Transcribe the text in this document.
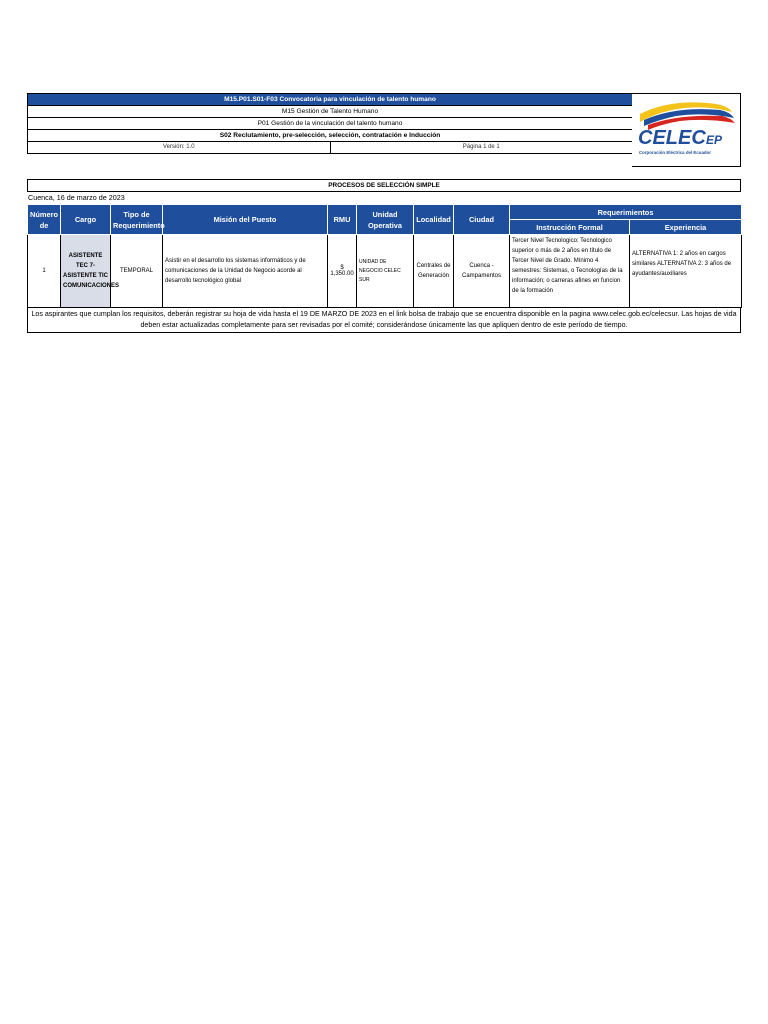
M15.P01.S01-F03 Convocatoria para vinculación de talento humano
M15 Gestión de Talento Humano
P01 Gestión de la vinculación del talento humano
S02 Reclutamiento, pre-selección, selección, contratación e Inducción
Versión: 1.0	Página 1 de 1	CELEC EP
Corporación Eléctrica del Ecuador
PROCESOS DE SELECCIÓN SIMPLE
Cuenca, 16 de marzo de 2023
Número de	Cargo	Tipo de Requerimiento	Misión del Puesto	RMU	Unidad Operativa	Localidad	Ciudad	Requerimientos	
								Instrucción Formal	Experiencia
1	ASISTENTE TEC 7- ASISTENTE TIC COMUNICACIONES	TEMPORAL	Asistir en el desarrollo los sistemas informáticos y de comunicaciones de la Unidad de Negocio acorde al desarrollo tecnológico global	$ 1,350.00	UNIDAD DE NEGOCIO CELEC SUR	Centrales de Generación	Cuenca - Campamentos	Tercer Nivel Tecnologico: Tecnologico superior o más de 2 años en título de Tercer Nivel de Grado. Mínimo 4 semestres: Sistemas, o Tecnologías de la información; o carreras afines en funcion de la formación	ALTERNATIVA 1: 2 años en cargos similares ALTERNATIVA 2: 3 años de ayudantes/auxiliares
Los aspirantes que cumplan los requisitos, deberán registrar su hoja de vida hasta el 19 DE MARZO DE 2023 en el link bolsa de trabajo que se encuentra disponible en la pagina www.celec.gob.ec/celecsur. Las hojas de vida deben estar actualizadas completamente para ser revisadas por el comité; considerándose únicamente las que apliquen dentro de este período de tiempo.
